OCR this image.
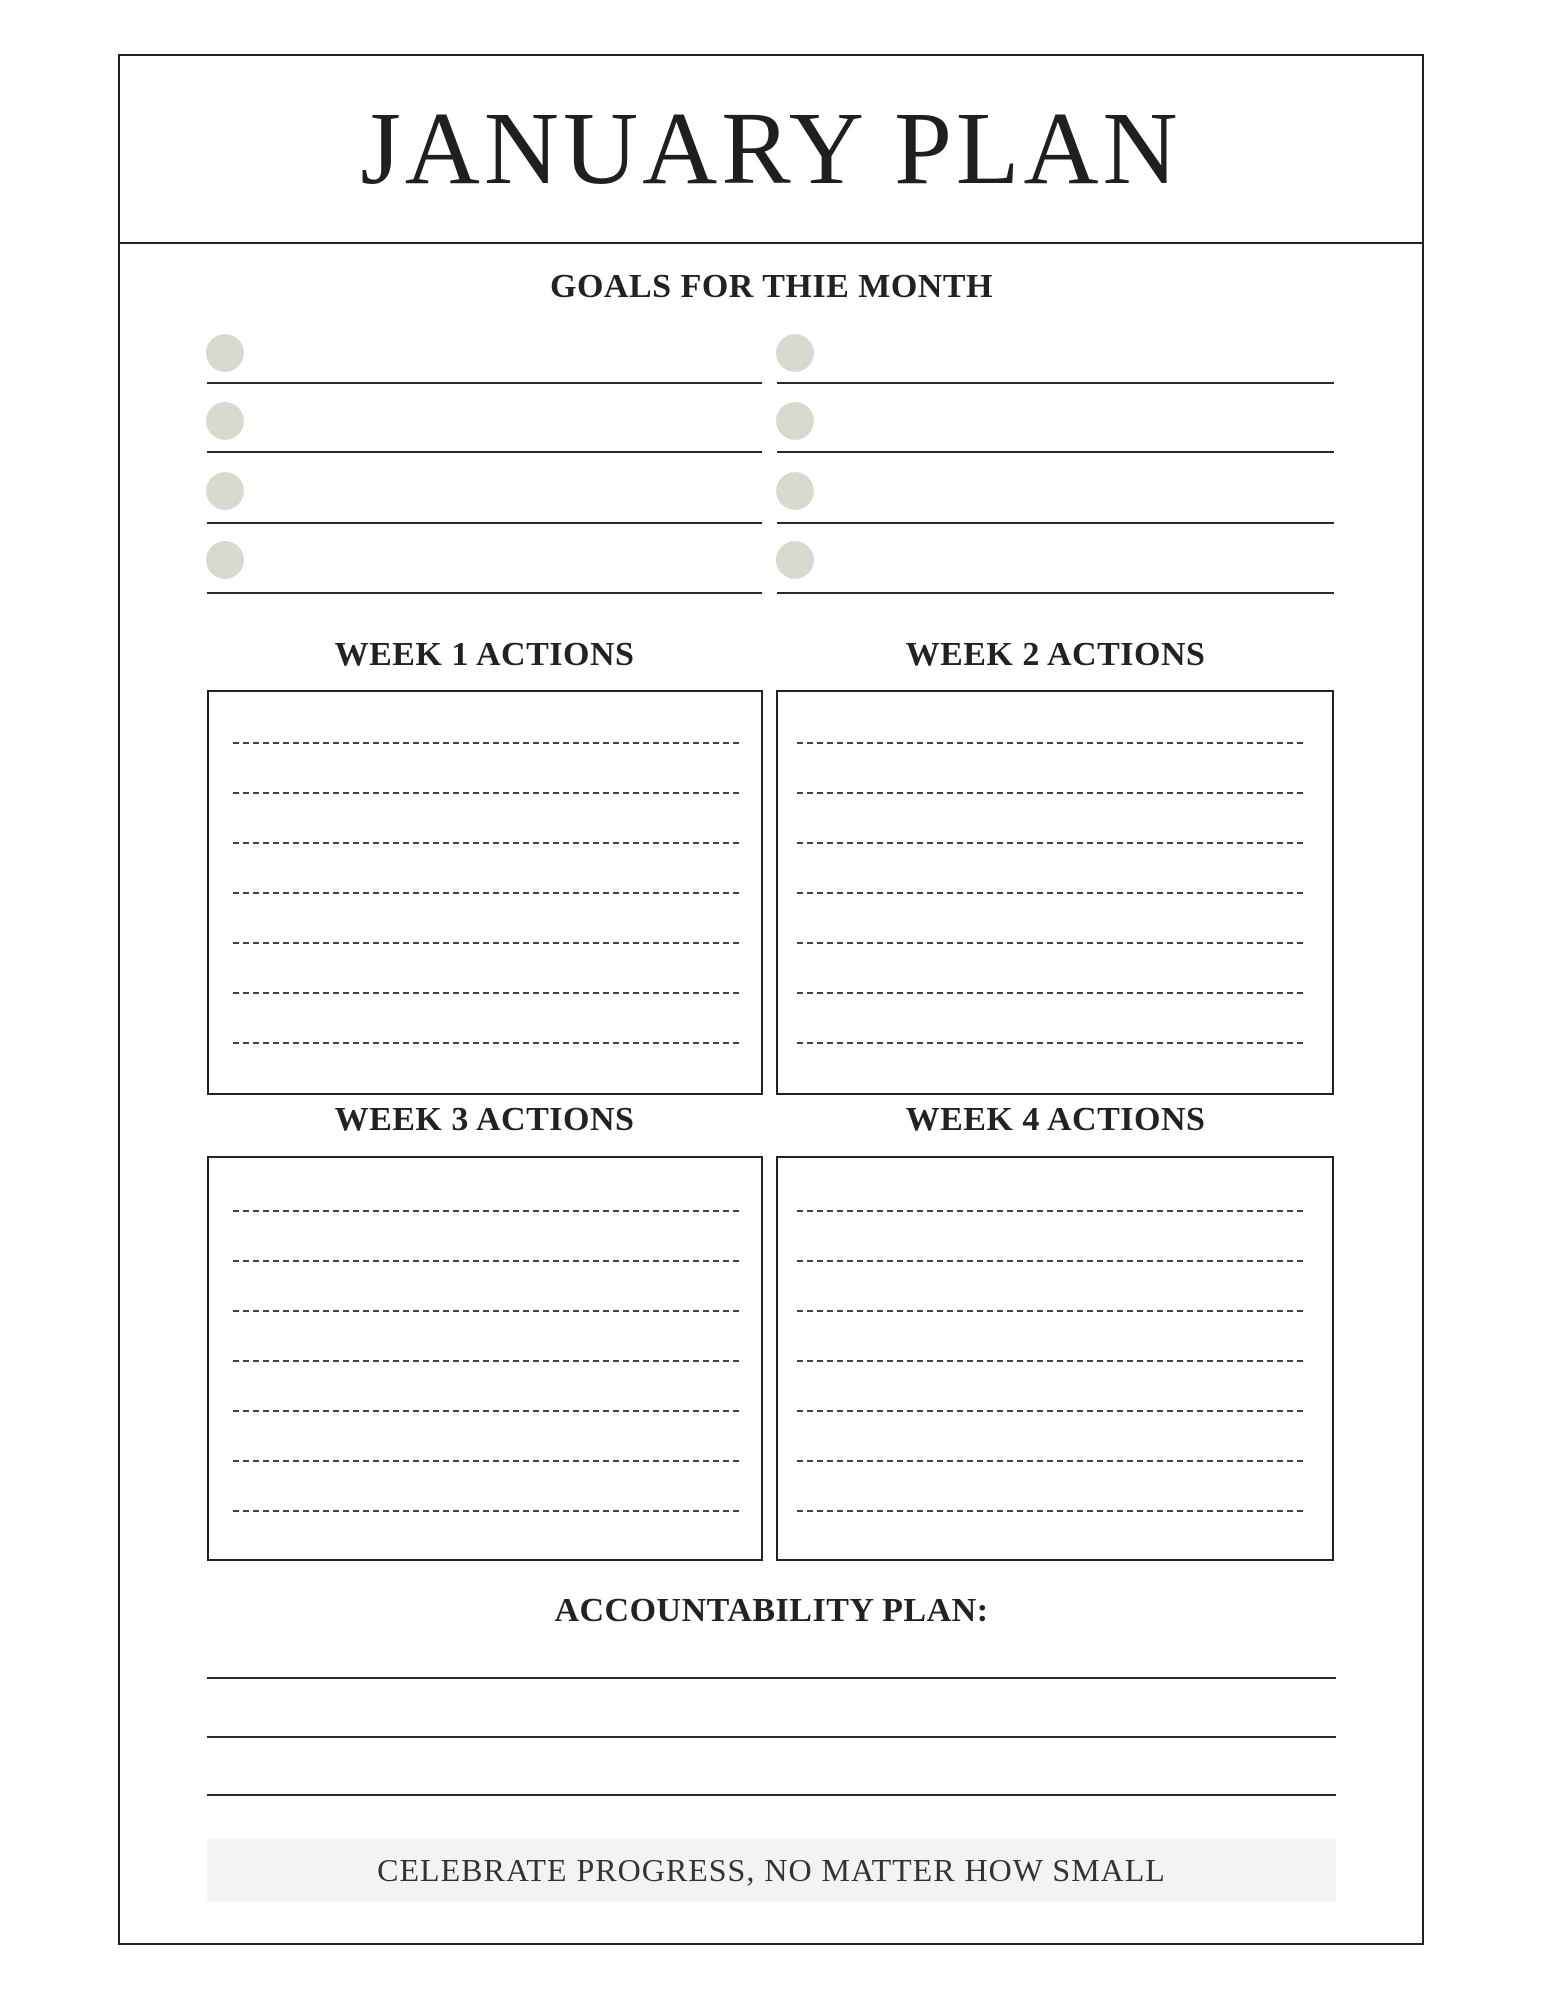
JANUARY PLAN
GOALS FOR THIE MONTH
WEEK 1 ACTIONS	WEEK 2 ACTIONS
WEEK 3 ACTIONS	WEEK 4 ACTIONS
ACCOUNTABILITY PLAN:
CELEBRATE PROGRESS, NO MATTER HOW SMALL
